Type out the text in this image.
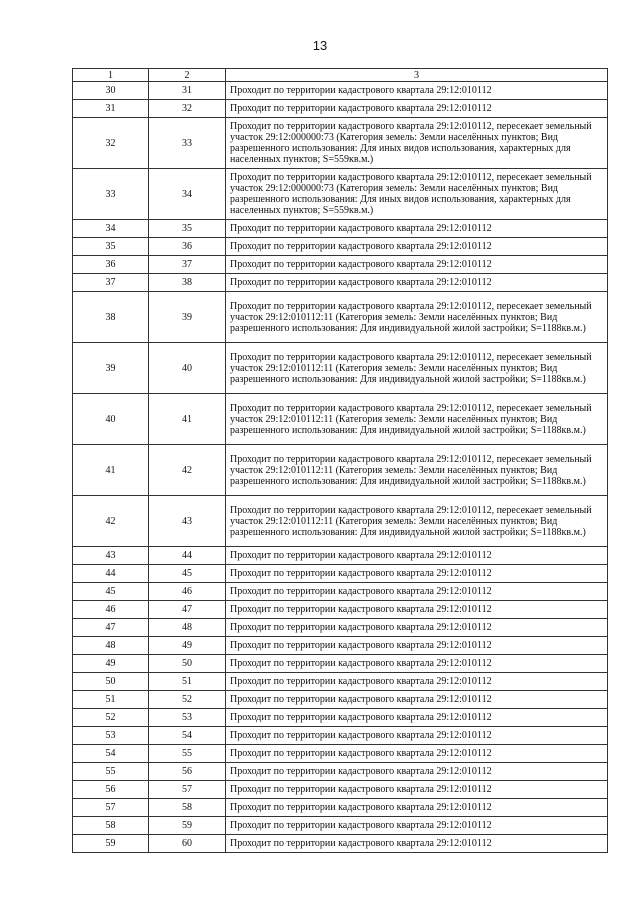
13
1	2	3
30	31	Проходит по территории кадастрового квартала 29:12:010112
31	32	Проходит по территории кадастрового квартала 29:12:010112
32	33	Проходит по территории кадастрового квартала 29:12:010112, пересекает земельный участок 29:12:000000:73 (Категория земель: Земли населённых пунктов; Вид разрешенного использования: Для иных видов использования, характерных для населенных пунктов; S=559кв.м.)
33	34	Проходит по территории кадастрового квартала 29:12:010112, пересекает земельный участок 29:12:000000:73 (Категория земель: Земли населённых пунктов; Вид разрешенного использования: Для иных видов использования, характерных для населенных пунктов; S=559кв.м.)
34	35	Проходит по территории кадастрового квартала 29:12:010112
35	36	Проходит по территории кадастрового квартала 29:12:010112
36	37	Проходит по территории кадастрового квартала 29:12:010112
37	38	Проходит по территории кадастрового квартала 29:12:010112
38	39	Проходит по территории кадастрового квартала 29:12:010112, пересекает земельный участок 29:12:010112:11 (Категория земель: Земли населённых пунктов; Вид разрешенного использования: Для индивидуальной жилой застройки; S=1188кв.м.)
39	40	Проходит по территории кадастрового квартала 29:12:010112, пересекает земельный участок 29:12:010112:11 (Категория земель: Земли населённых пунктов; Вид разрешенного использования: Для индивидуальной жилой застройки; S=1188кв.м.)
40	41	Проходит по территории кадастрового квартала 29:12:010112, пересекает земельный участок 29:12:010112:11 (Категория земель: Земли населённых пунктов; Вид разрешенного использования: Для индивидуальной жилой застройки; S=1188кв.м.)
41	42	Проходит по территории кадастрового квартала 29:12:010112, пересекает земельный участок 29:12:010112:11 (Категория земель: Земли населённых пунктов; Вид разрешенного использования: Для индивидуальной жилой застройки; S=1188кв.м.)
42	43	Проходит по территории кадастрового квартала 29:12:010112, пересекает земельный участок 29:12:010112:11 (Категория земель: Земли населённых пунктов; Вид разрешенного использования: Для индивидуальной жилой застройки; S=1188кв.м.)
43	44	Проходит по территории кадастрового квартала 29:12:010112
44	45	Проходит по территории кадастрового квартала 29:12:010112
45	46	Проходит по территории кадастрового квартала 29:12:010112
46	47	Проходит по территории кадастрового квартала 29:12:010112
47	48	Проходит по территории кадастрового квартала 29:12:010112
48	49	Проходит по территории кадастрового квартала 29:12:010112
49	50	Проходит по территории кадастрового квартала 29:12:010112
50	51	Проходит по территории кадастрового квартала 29:12:010112
51	52	Проходит по территории кадастрового квартала 29:12:010112
52	53	Проходит по территории кадастрового квартала 29:12:010112
53	54	Проходит по территории кадастрового квартала 29:12:010112
54	55	Проходит по территории кадастрового квартала 29:12:010112
55	56	Проходит по территории кадастрового квартала 29:12:010112
56	57	Проходит по территории кадастрового квартала 29:12:010112
57	58	Проходит по территории кадастрового квартала 29:12:010112
58	59	Проходит по территории кадастрового квартала 29:12:010112
59	60	Проходит по территории кадастрового квартала 29:12:010112
